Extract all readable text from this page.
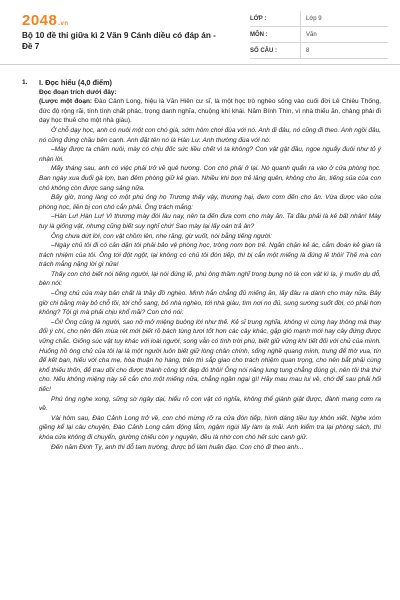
2048.vn
Bộ 10 đề thi giữa kì 2 Văn 9 Cánh diều có đáp án - Đề 7
LỚP :	Lớp 9
MÔN :	Văn
SỐ CÂU :	8
1. I. Đọc hiểu (4,0 điểm)
Đọc đoạn trích dưới đây:
(Lược một đoạn: Đào Cảnh Long, hiệu là Văn Hiên cư sĩ, là một học trò nghèo sống vào cuối đời Lê Chiêu Thống, đức độ rộng rãi, tính tình chất phác, trọng danh nghĩa, chuộng khí khái. Năm Bính Thìn, vì nhà thiếu ăn, chàng phải đi dạy học thuê cho một nhà giàu).

Ở chỗ dạy học, anh có nuôi một con chó già, sớm hôm chơi đùa với nó. Anh đi đâu, nó cũng đi theo. Anh ngồi đâu, nó cũng đứng chầu bên cạnh. Anh đặt tên nó là Hàn Lư. Anh thường đùa với nó:

–Mày được ta chăm nuôi, mày có chịu đốc sức liều chết vì ta không? Con vật gật đầu, ngoe nguẩy đuôi như tỏ ý nhận lời.

Mấy tháng sau, anh có việc phải trở về quê hương. Con chó phải ở lại. Nó quanh quẩn ra vào ở cửa phòng học. Ban ngày xua đuổi gà lợn, ban đêm phòng giữ kẻ gian. Nhiều khi bọn trẻ lăng quên, không cho ăn, tiếng sủa của con chó không còn được sang sảng nữa.

Bấy giờ, trong làng có một phú ông họ Trương thấy vậy, thương hại, đem cơm đến cho ăn. Vừa được vào cửa phòng học, liền bị con chó cắn phải. Ông trách mắng:

–Hàn Lư! Hàn Lư! Vì thương mày đói lâu nay, nên ta đến đưa cơm cho mày ăn. Ta đâu phải là kẻ bất nhân! Mày tuy là giống vật, nhưng cũng biết suy nghĩ chứ! Sao mày lại lấy oán trả ân?

Ông chưa dứt lời, con vật chồm lên, nhe răng, gừ vuốt, nói bằng tiếng người:

–Ngày chủ tôi đi có căn dặn tôi phải bảo vệ phòng học, trông nom bọn trẻ. Ngăn chặn kẻ ác, cắm đoán kẻ gian là trách nhiệm của tôi. Ông tới đột ngột, lại không có chủ tôi đón tiếp, thì bị cắn một miếng là đúng lẽ thôi! Thế mà còn trách mắng nặng lời gì nữa!

Thấy con chó biết nói tiếng người, lại nói đúng lẽ, phú ông thầm nghĩ trong bụng nó là con vật kì lạ, ý muốn dụ dỗ, bèn nói:

–Ông chủ của mày bản chất là thầy đồ nghèo. Mình hắn chẳng đủ miếng ăn, lấy đâu ra dành cho mày nữa. Bây giờ chi bằng mày bỏ chỗ tồi, tới chỗ sang, bỏ nhà nghèo, tới nhà giàu, tìm nơi no đủ, sung sướng suốt đời, có phải hơn không? Tội gì mà phải chịu khổ mãi? Con chó nói:

–Ôi! Ông cũng là người, sao nỡ mở miệng buông lời như thế. Kẻ sĩ trung nghĩa, không vì cùng hay thông mà thay đổi ý chí, cho nên đến mùa rét mới biết rõ bách tùng tươi tốt hơn các cây khác, gặp gió mạnh mới hay cây đứng được vững chắc. Giống súc vật tuy khác với loài người, song vẫn có tình trời phú, biết giữ vững khí tiết đối với chủ của mình. Huống hồ ông chủ của tôi lại là một người luôn biết giữ lòng chân chính, sống nghề quang minh, trung để thờ vua, tín để kết bạn, hiếu với cha mẹ, hòa thuận họ hàng, trên thì sắp giao cho trách nhiệm quan trọng, cho nên bắt phải cùng khổ thiếu thốn, để trau dồi cho được thành công tốt đẹp đó thôi! Ông nói năng lung tung chẳng đúng gì, nên tôi thà thứ cho. Nếu không miệng này sẽ cắn cho một miếng nữa, chẳng ngần ngại gì! Hãy mau mau lui về, chớ để sau phải hối tiếc!

Phú ông nghe xong, sững sờ ngây dại, hiểu rõ con vật có nghĩa, không thể giành giật được, đành mang cơm ra về.

Vài hôm sau, Đào Cảnh Long trở về, con chó mừng rỡ ra cửa đón tiếp, hình dáng tiều tụy khôn xiết. Nghe xóm giềng kể lại câu chuyện, Đào Cảnh Long cảm động lắm, ngậm ngùi lấy làm lạ mãi. Anh kiểm tra lại phòng sách, thì khóa cửa không đi chuyển, giường chiếu còn y nguyên, đều là nhờ con chó hết sức canh giữ.

Đến năm Đinh Tỵ, anh thi đỗ tam trường, được bổ làm huấn đạo. Con chó đi theo anh...
